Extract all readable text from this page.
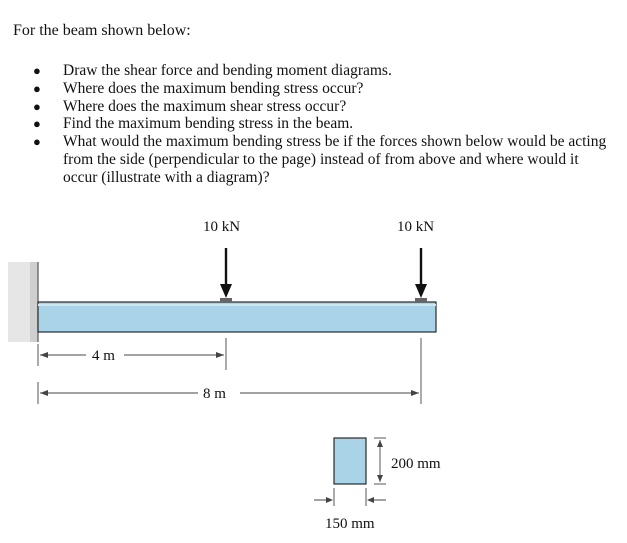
For the beam shown below:
● Draw the shear force and bending moment diagrams.
● Where does the maximum bending stress occur?
● Where does the maximum shear stress occur?
● Find the maximum bending stress in the beam.
● What would the maximum bending stress be if the forces shown below would be acting from the side (perpendicular to the page) instead of from above and where would it occur (illustrate with a diagram)?
4 m
8 m
200 mm
150 mm
10 kN	10 kN
